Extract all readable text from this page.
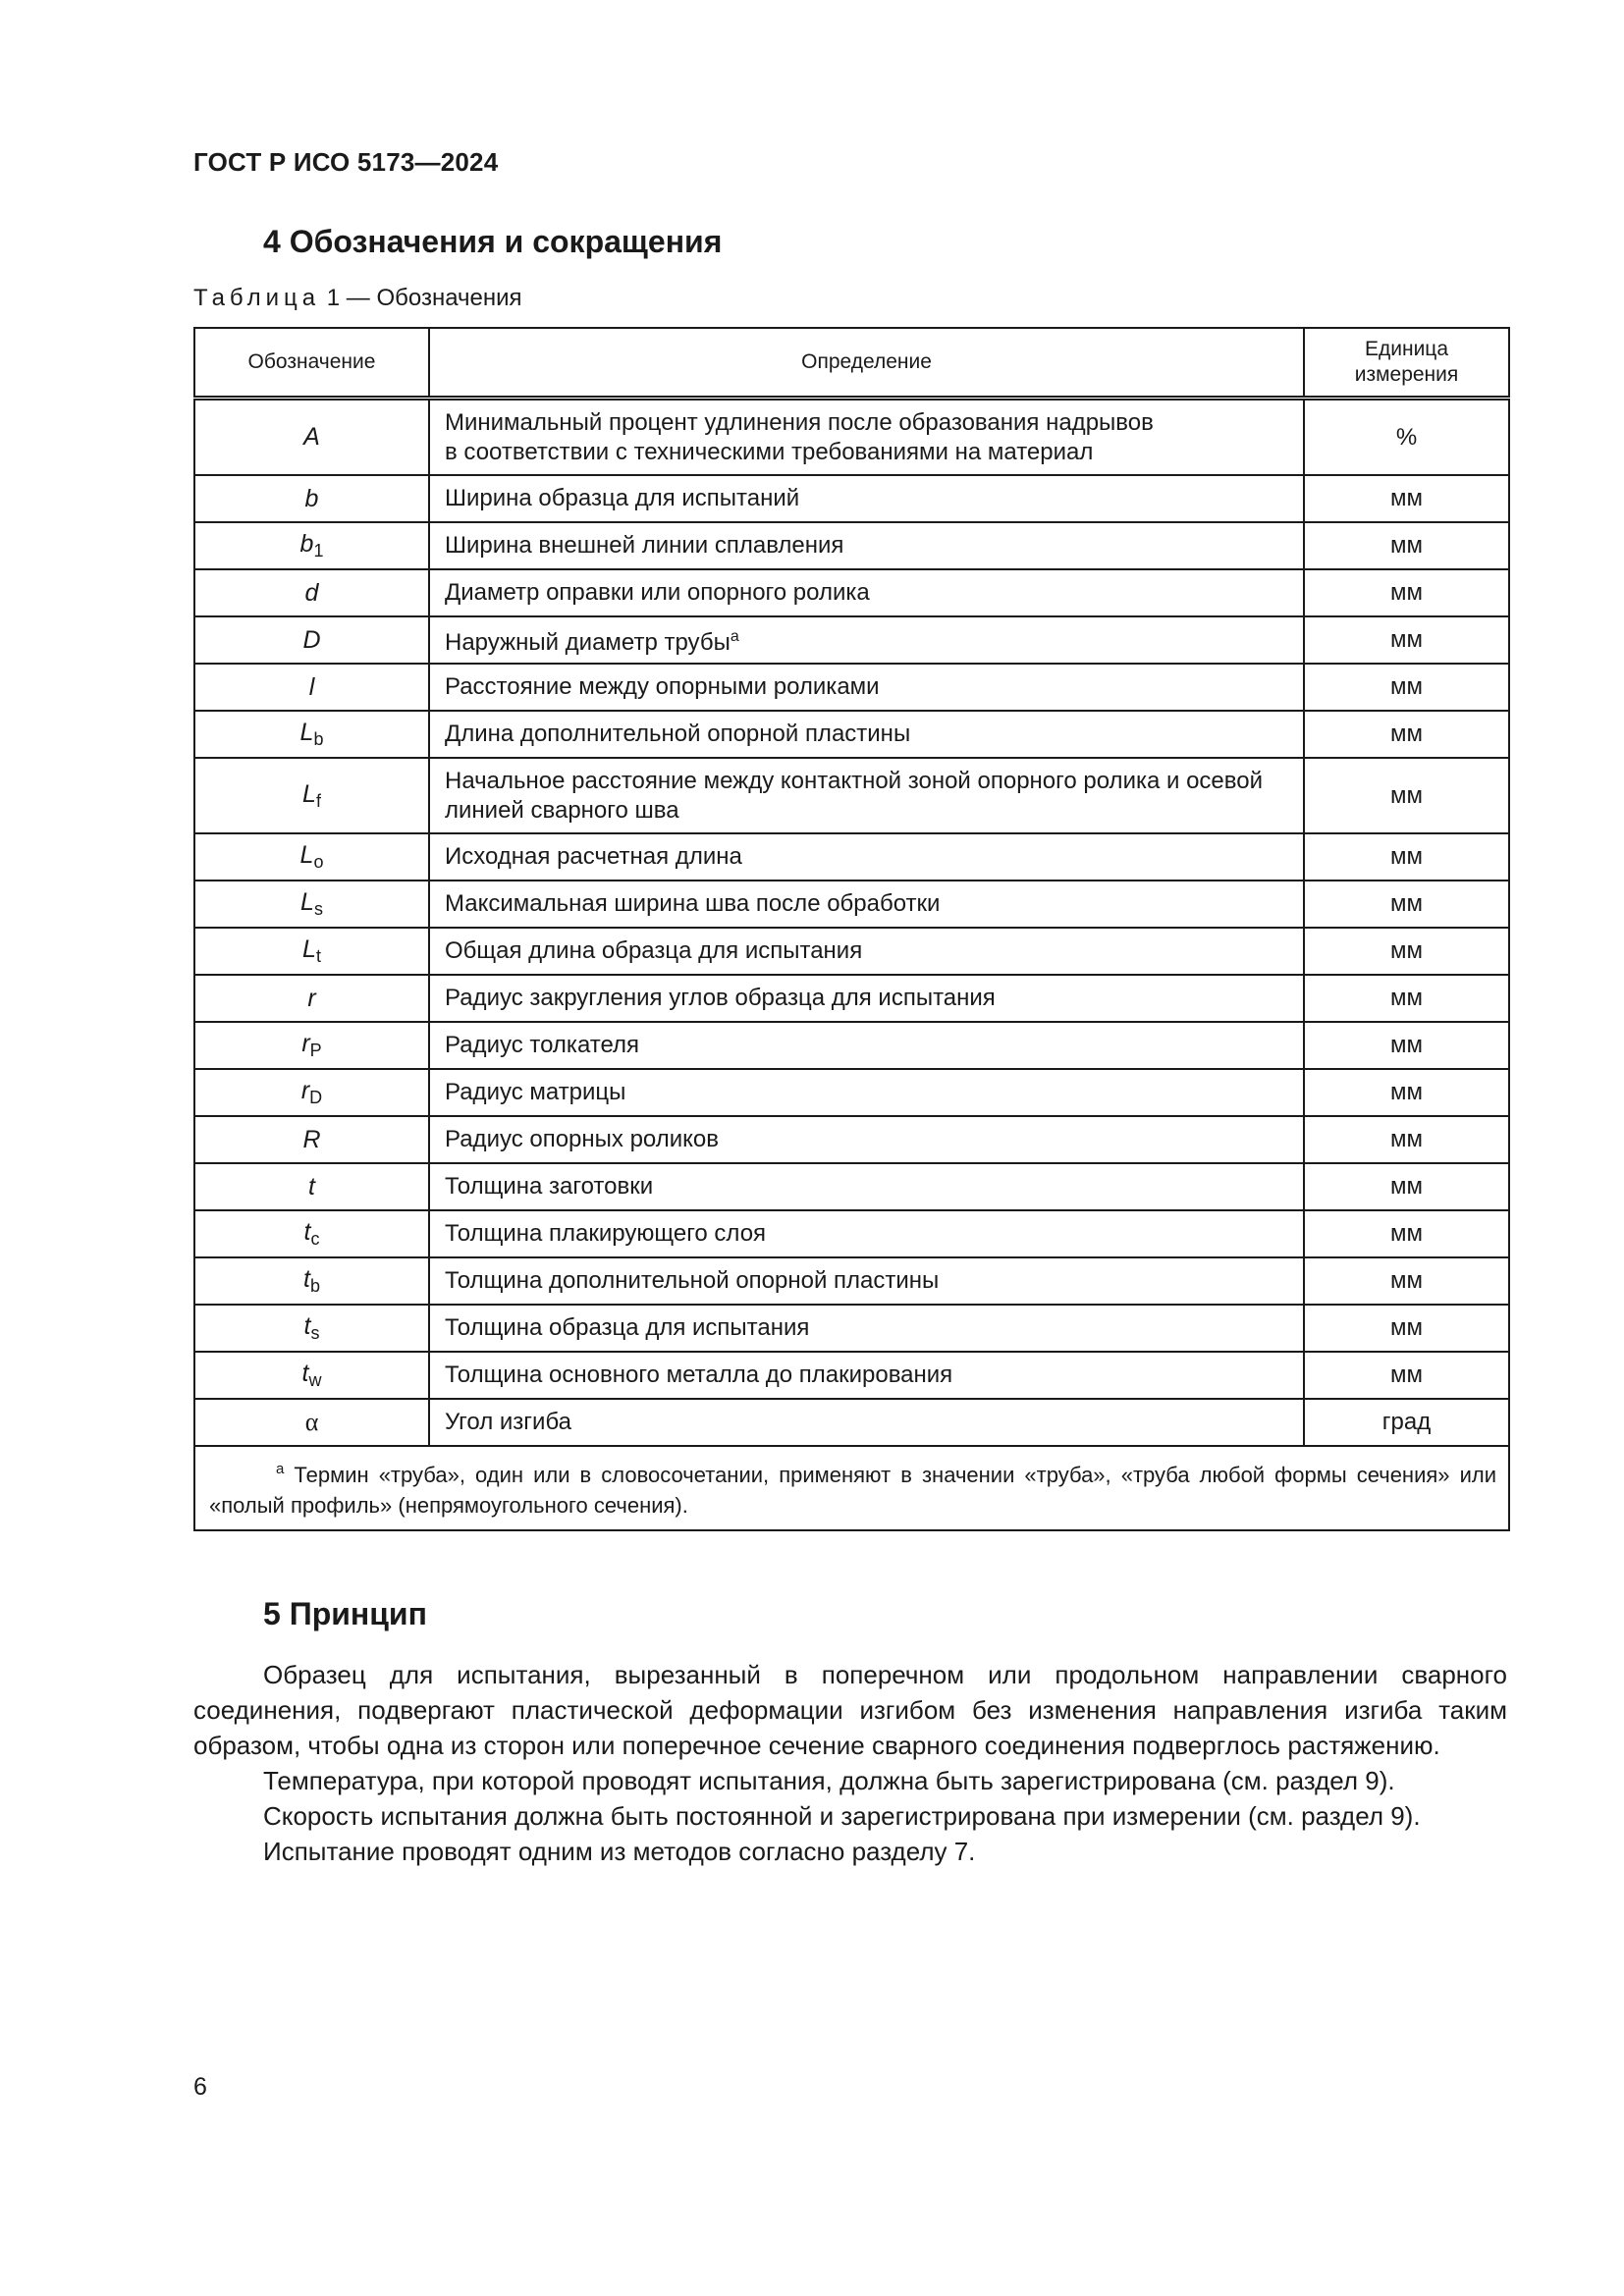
ГОСТ Р ИСО 5173—2024
4 Обозначения и сокращения
Таблица 1 — Обозначения
Обозначение	Определение	Единица
измерения
A	Минимальный процент удлинения после образования надрывов
в соответствии с техническими требованиями на материал	%
b	Ширина образца для испытаний	мм
$b_1$	Ширина внешней линии сплавления	мм
d	Диаметр оправки или опорного ролика	мм
D	Наружный диаметр трубы$^a$	мм
l	Расстояние между опорными роликами	мм
$L_b$	Длина дополнительной опорной пластины	мм
$L_f$	Начальное расстояние между контактной зоной опорного ролика и осевой линией сварного шва	мм
$L_o$	Исходная расчетная длина	мм
$L_s$	Максимальная ширина шва после обработки	мм
$L_t$	Общая длина образца для испытания	мм
r	Радиус закругления углов образца для испытания	мм
$r_P$	Радиус толкателя	мм
$r_D$	Радиус матрицы	мм
R	Радиус опорных роликов	мм
t	Толщина заготовки	мм
$t_c$	Толщина плакирующего слоя	мм
$t_b$	Толщина дополнительной опорной пластины	мм
$t_s$	Толщина образца для испытания	мм
$t_w$	Толщина основного металла до плакирования	мм
α	Угол изгиба	град
$^a$ Термин «труба», один или в словосочетании, применяют в значении «труба», «труба любой формы сечения» или «полый профиль» (непрямоугольного сечения).		
5 Принцип
Образец для испытания, вырезанный в поперечном или продольном направлении сварного соединения, подвергают пластической деформации изгибом без изменения направления изгиба таким образом, чтобы одна из сторон или поперечное сечение сварного соединения подверглось растяжению.
Температура, при которой проводят испытания, должна быть зарегистрирована (см. раздел 9).
Скорость испытания должна быть постоянной и зарегистрирована при измерении (см. раздел 9).
Испытание проводят одним из методов согласно разделу 7.
6
